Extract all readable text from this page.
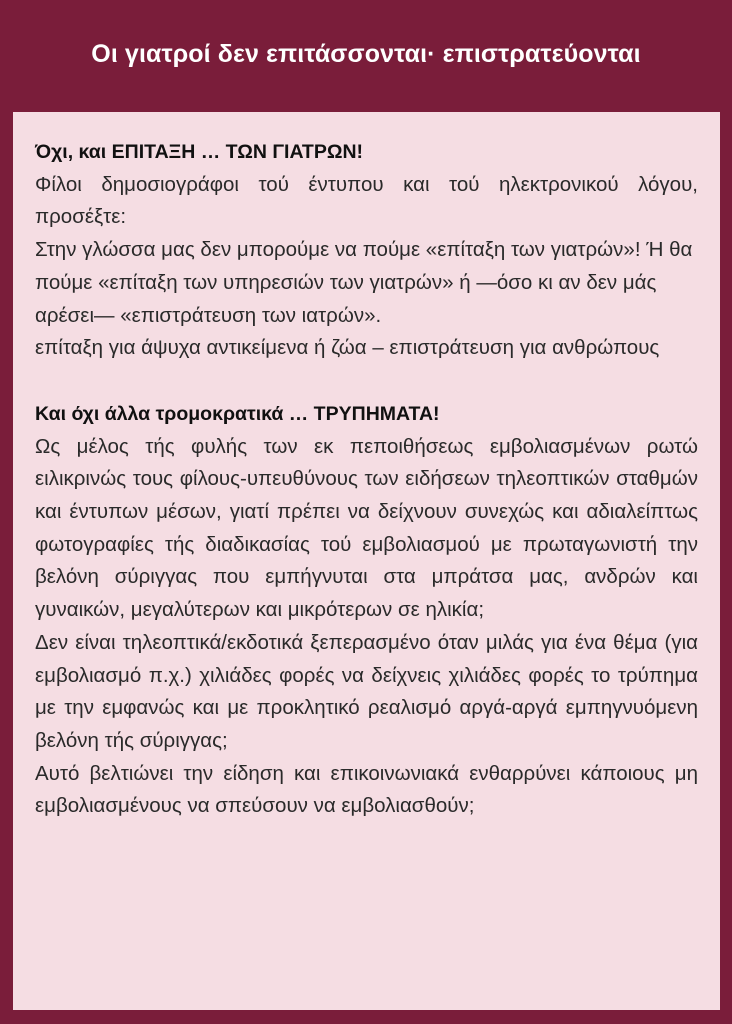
Οι γιατροί δεν επιτάσσονται· επιστρατεύονται

Όχι, και ΕΠΙΤΑΞΗ … ΤΩΝ ΓΙΑΤΡΩΝ!

Φίλοι δημοσιογράφοι τού έντυπου και τού ηλεκτρονικού λόγου, προσέξτε:

Στην γλώσσα μας δεν μπορούμε να πούμε «επίταξη των γιατρών»! Ή θα πούμε «επίταξη των υπηρεσιών των γιατρών» ή —όσο κι αν δεν μάς αρέσει— «επιστράτευση των ιατρών».

επίταξη για άψυχα αντικείμενα ή ζώα – επιστράτευση για ανθρώπους

Και όχι άλλα τρομοκρατικά … ΤΡΥΠΗΜΑΤΑ!

Ως μέλος τής φυλής των εκ πεποιθήσεως εμβολιασμένων ρωτώ ειλικρινώς τους φίλους-υπευθύνους των ειδήσεων τηλεοπτικών σταθμών και έντυπων μέσων, γιατί πρέπει να δείχνουν συνεχώς και αδιαλείπτως φωτογραφίες τής διαδικασίας τού εμβολιασμού με πρωταγωνιστή την βελόνη σύριγγας που εμπήγνυται στα μπράτσα μας, ανδρών και γυναικών, μεγαλύτερων και μικρότερων σε ηλικία;

Δεν είναι τηλεοπτικά/εκδοτικά ξεπερασμένο όταν μιλάς για ένα θέμα (για εμβολιασμό π.χ.) χιλιάδες φορές να δείχνεις χιλιάδες φορές το τρύπημα με την εμφανώς και με προκλητικό ρεαλισμό αργά-αργά εμπηγνυόμενη βελόνη τής σύριγγας;

Αυτό βελτιώνει την είδηση και επικοινωνιακά ενθαρρύνει κάποιους μη εμβολιασμένους να σπεύσουν να εμβολιασθούν;
